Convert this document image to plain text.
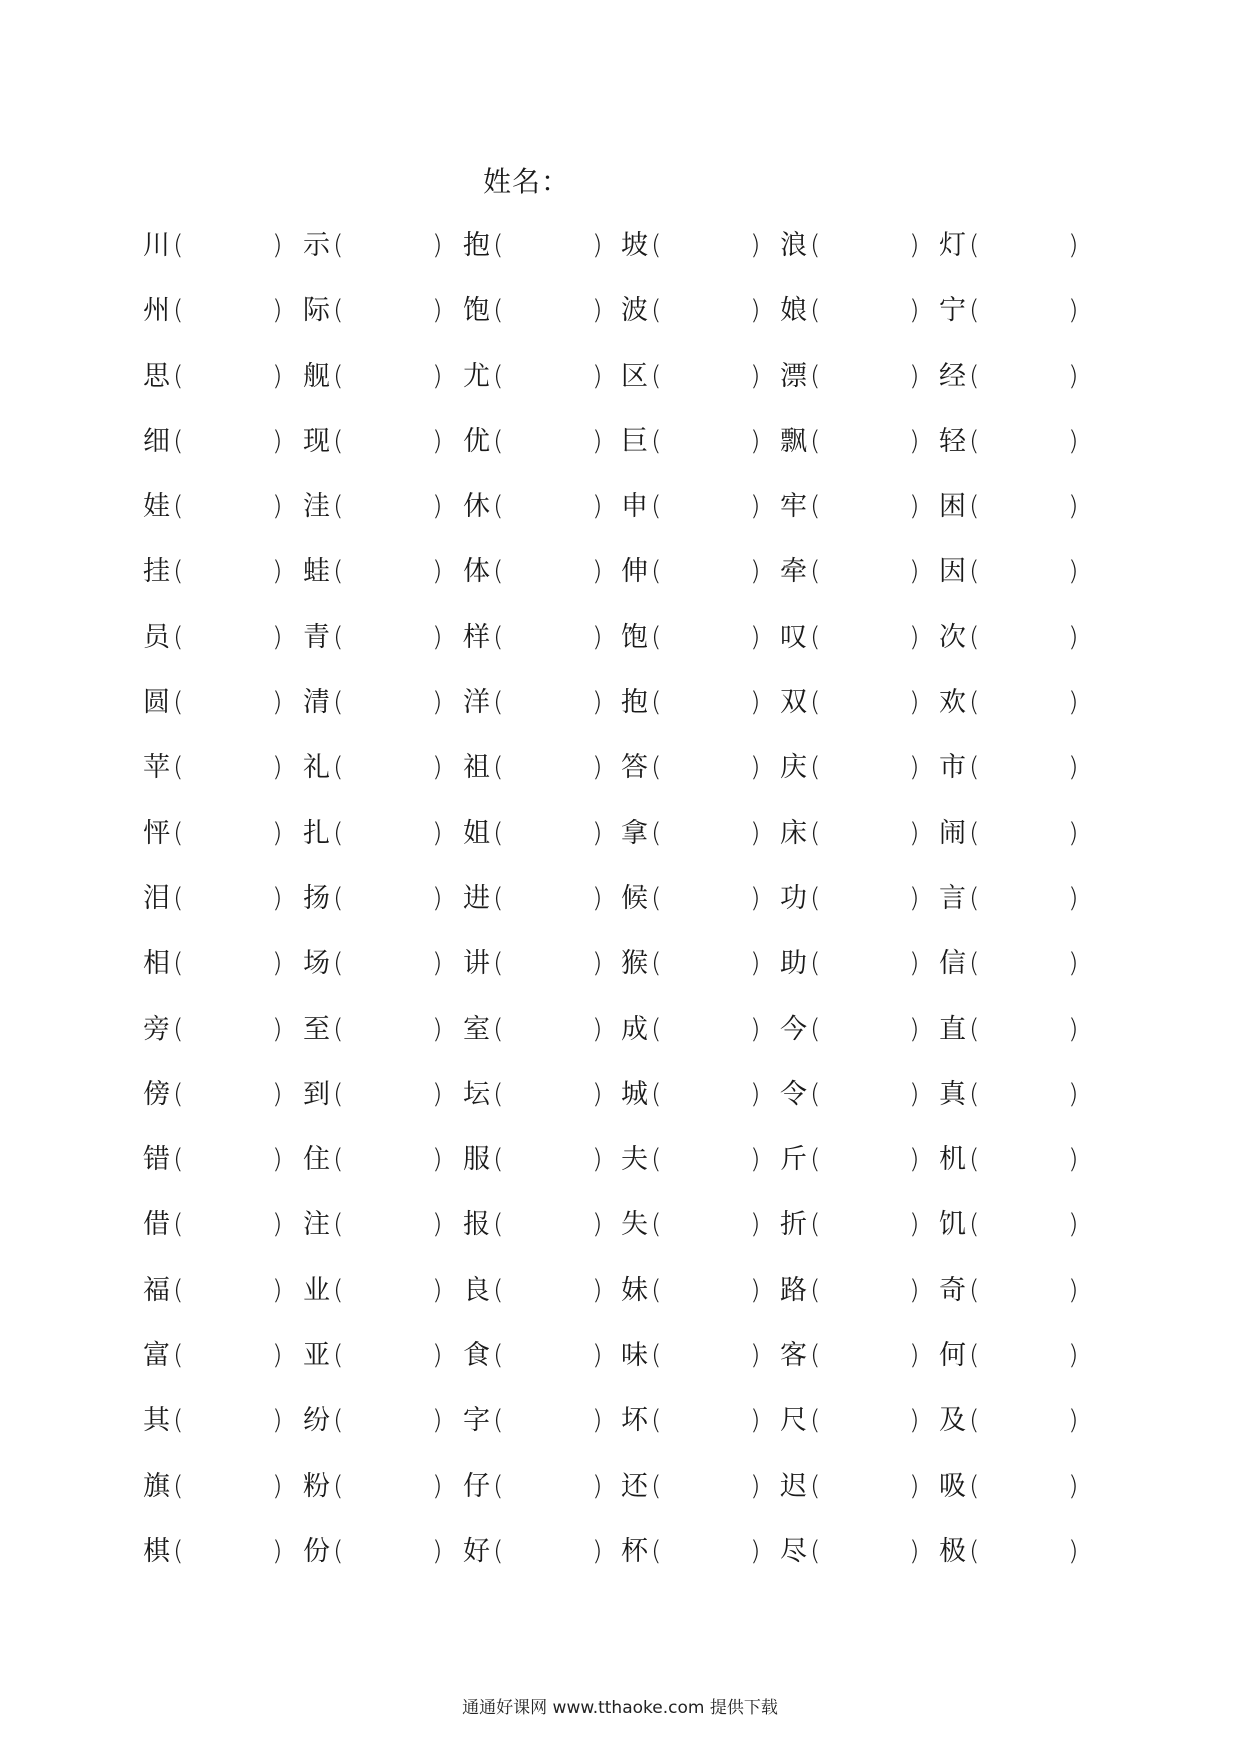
姓名：
川 (	) 示 (	) 抱 (	) 坡 (	) 浪 (	) 灯 (	)
州 (	) 际 (	) 饱 (	) 波 (	) 娘 (	) 宁 (	)
思 (	) 舰 (	) 尤 (	) 区 (	) 漂 (	) 经 (	)
细 (	) 现 (	) 优 (	) 巨 (	) 飘 (	) 轻 (	)
娃 (	) 洼 (	) 休 (	) 申 (	) 牢 (	) 困 (	)
挂 (	) 蛙 (	) 体 (	) 伸 (	) 牵 (	) 因 (	)
员 (	) 青 (	) 样 (	) 饱 (	) 叹 (	) 次 (	)
圆 (	) 清 (	) 洋 (	) 抱 (	) 双 (	) 欢 (	)
苹 (	) 礼 (	) 祖 (	) 答 (	) 庆 (	) 市 (	)
怦 (	) 扎 (	) 姐 (	) 拿 (	) 床 (	) 闹 (	)
泪 (	) 扬 (	) 进 (	) 候 (	) 功 (	) 言 (	)
相 (	) 场 (	) 讲 (	) 猴 (	) 助 (	) 信 (	)
旁 (	) 至 (	) 室 (	) 成 (	) 今 (	) 直 (	)
傍 (	) 到 (	) 坛 (	) 城 (	) 令 (	) 真 (	)
错 (	) 住 (	) 服 (	) 夫 (	) 斤 (	) 机 (	)
借 (	) 注 (	) 报 (	) 失 (	) 折 (	) 饥 (	)
福 (	) 业 (	) 良 (	) 妹 (	) 路 (	) 奇 (	)
富 (	) 亚 (	) 食 (	) 味 (	) 客 (	) 何 (	)
其 (	) 纷 (	) 字 (	) 坏 (	) 尺 (	) 及 (	)
旗 (	) 粉 (	) 仔 (	) 还 (	) 迟 (	) 吸 (	)
棋 (	) 份 (	) 好 (	) 杯 (	) 尽 (	) 极 (	)
通通好课网 www.tthaoke.com 提供下载
